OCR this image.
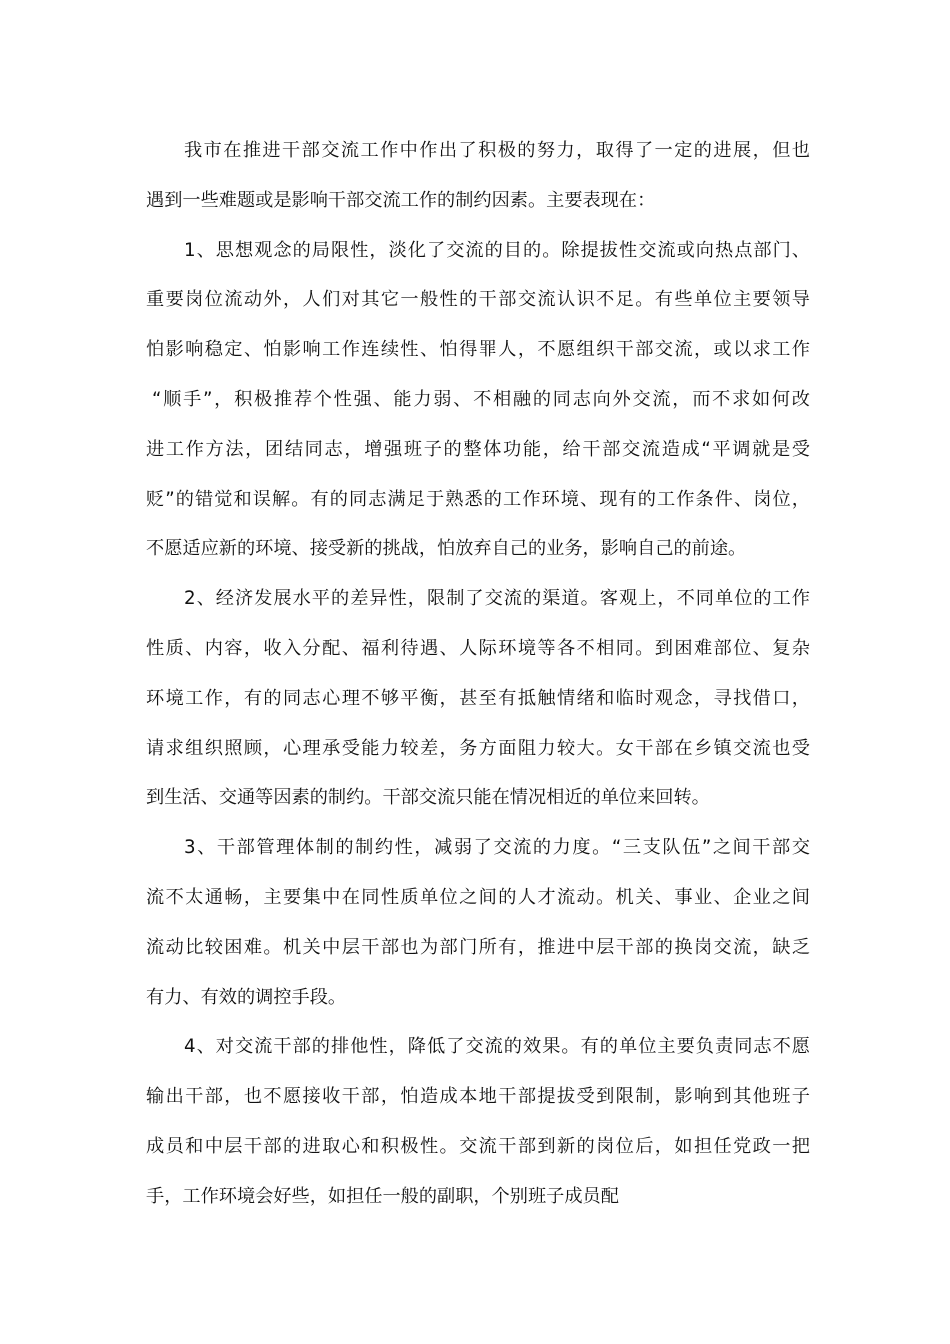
我市在推进干部交流工作中作出了积极的努力，取得了一定的进展，但也
遇到一些难题或是影响干部交流工作的制约因素。主要表现在：
1、思想观念的局限性，淡化了交流的目的。除提拔性交流或向热点部门、
重要岗位流动外，人们对其它一般性的干部交流认识不足。有些单位主要领导
怕影响稳定、怕影响工作连续性、怕得罪人，不愿组织干部交流，或以求工作
“顺手”，积极推荐个性强、能力弱、不相融的同志向外交流，而不求如何改
进工作方法，团结同志，增强班子的整体功能，给干部交流造成“平调就是受
贬”的错觉和误解。有的同志满足于熟悉的工作环境、现有的工作条件、岗位，
不愿适应新的环境、接受新的挑战，怕放弃自己的业务，影响自己的前途。
2、经济发展水平的差异性，限制了交流的渠道。客观上，不同单位的工作
性质、内容，收入分配、福利待遇、人际环境等各不相同。到困难部位、复杂
环境工作，有的同志心理不够平衡，甚至有抵触情绪和临时观念，寻找借口，
请求组织照顾，心理承受能力较差，务方面阻力较大。女干部在乡镇交流也受
到生活、交通等因素的制约。干部交流只能在情况相近的单位来回转。
3、干部管理体制的制约性，减弱了交流的力度。“三支队伍”之间干部交
流不太通畅，主要集中在同性质单位之间的人才流动。机关、事业、企业之间
流动比较困难。机关中层干部也为部门所有，推进中层干部的换岗交流，缺乏
有力、有效的调控手段。
4、对交流干部的排他性，降低了交流的效果。有的单位主要负责同志不愿
输出干部，也不愿接收干部，怕造成本地干部提拔受到限制，影响到其他班子
成员和中层干部的进取心和积极性。交流干部到新的岗位后，如担任党政一把
手，工作环境会好些，如担任一般的副职，个别班子成员配
